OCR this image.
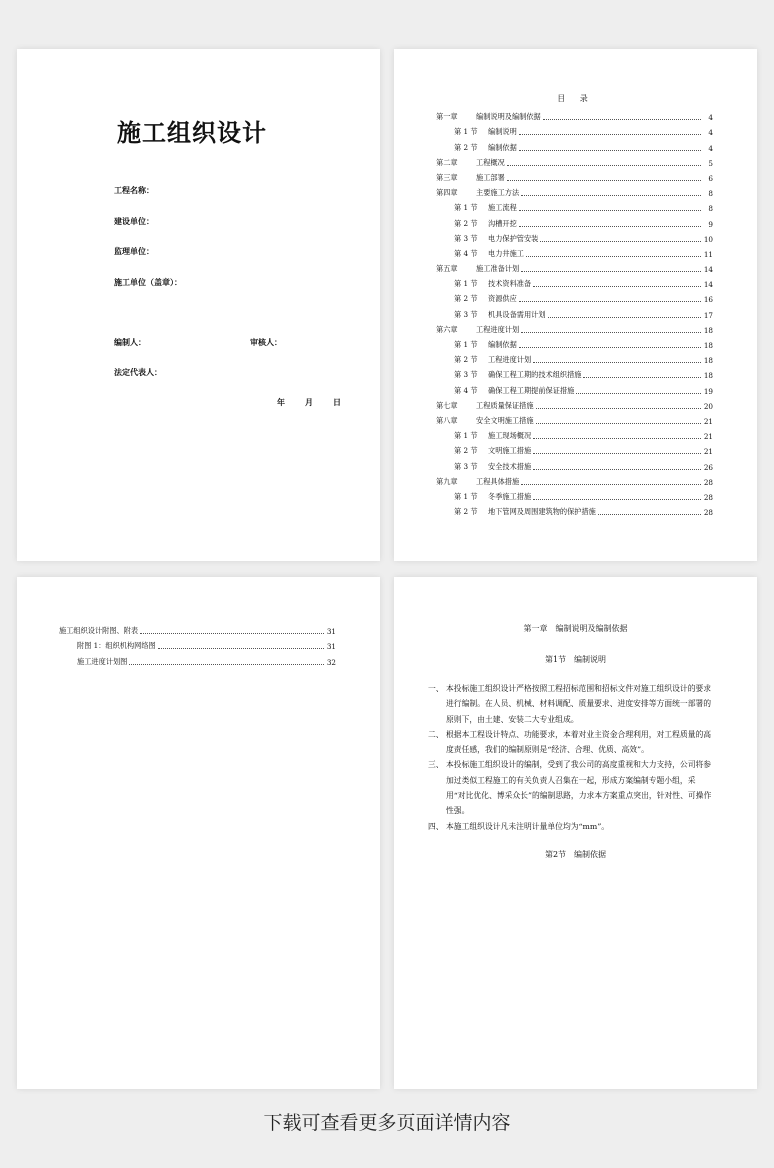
施工组织设计
工程名称：
建设单位：
监理单位：
施工单位（盖章）：
编制人：	审核人：
法定代表人：
年	月	日
目 录
第一章	编制说明及编制依据	4
第 1 节	编制说明	4
第 2 节	编制依据	4
第二章	工程概况	5
第三章	施工部署	6
第四章	主要施工方法	8
第 1 节	施工流程	8
第 2 节	沟槽开挖	9
第 3 节	电力保护管安装	10
第 4 节	电力井施工	11
第五章	施工准备计划	14
第 1 节	技术资料准备	14
第 2 节	资源供应	16
第 3 节	机具设备需用计划	17
第六章	工程进度计划	18
第 1 节	编制依据	18
第 2 节	工程进度计划	18
第 3 节	确保工程工期的技术组织措施	18
第 4 节	确保工程工期提前保证措施	19
第七章	工程质量保证措施	20
第八章	安全文明施工措施	21
第 1 节	施工现场概况	21
第 2 节	文明施工措施	21
第 3 节	安全技术措施	26
第九章	工程具体措施	28
第 1 节	冬季施工措施	28
第 2 节	地下管网及周围建筑物的保护措施	28
施工组织设计附图、附表	31
附图 1：组织机构网络图	31
施工进度计划图	32
第一章　编制说明及编制依据
第1节　编制说明
一、 本投标施工组织设计严格按照工程招标范围和招标文件对施工组织设计的要求进行编制。在人员、机械、材料调配、质量要求、进度安排等方面统一部署的原则下，由土建、安装二大专业组成。
二、 根据本工程设计特点、功能要求，本着对业主资金合理利用，对工程质量的高度责任感，我们的编制原则是“经济、合理、优质、高效”。
三、 本投标施工组织设计的编制，受到了我公司的高度重视和大力支持，公司将参加过类似工程施工的有关负责人召集在一起，形成方案编制专题小组，采用“对比优化、博采众长”的编制思路，力求本方案重点突出，针对性、可操作性强。
四、 本施工组织设计凡未注明计量单位均为“mm”。
第2节　编制依据
下载可查看更多页面详情内容
